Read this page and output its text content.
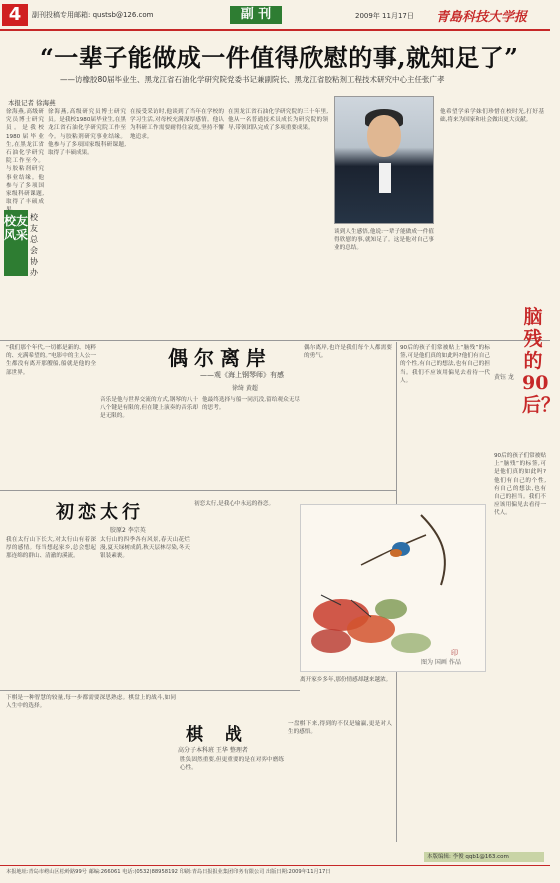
4	副刊投稿专用邮箱: qustsb@126.com	副 刊	2009年 11月17日 青島科技大学报
“一辈子能做成一件值得欣慰的事,就知足了”
——访橡胶80届毕业生、黑龙江省石油化学研究院党委书记兼副院长、黑龙江省胶粘剂工程技术研究中心主任张广孝
本报记者 徐海燕
徐海燕,高级研究员博士研究员。是我校1980届毕业生,在黑龙江省石油化学研究院工作至今。与胶粘剂研究事业结缘。他参与了多项国家级科研课题,取得了丰硕成果。
在接受采访时,他谈到了当年在学校的学习生活,对母校充满深厚感情。他认为科研工作需要耐得住寂寞,坚持不懈地追求。
在黑龙江省石油化学研究院的三十年里,他从一名普通技术员成长为研究院的领导,带领团队完成了多项重要成果。
谈到人生感悟,他说:一辈子能做成一件值得欣慰的事,就知足了。这是他对自己事业的总结。
他希望学弟学妹们珍惜在校时光,打好基础,将来为国家和社会做出更大贡献。
徐海燕,高级研究员博士研究员。是我校1980届毕业生,在黑龙江省石油化学研究院工作至今。与胶粘剂研究事业结缘。他参与了多项国家级科研课题,取得了丰硕成
校友风采
校友总会协办
“我们那个年代,一切都是新的、纯粹的、充满希望的。”电影中的主人公一生都没有离开那艘船,船就是他的全部世界。
偶尔离岸
——观《海上钢琴师》有感
徐绮 黄超
音乐是他与世界交流的方式,钢琴的八十八个键是有限的,但在键上演奏的音乐却是无限的。
他最终选择与船一同沉没,留给观众无尽的思考。
偶尔离岸,也许是我们每个人都需要的勇气。
脑残的90后？
黄钰 龙
90后的孩子们常被贴上“脑残”的标签,可是他们真的如此吗?他们有自己的个性,有自己的想法,也有自己的担当。我们不应该用偏见去看待一代人。
90后的孩子们常被贴上“脑残”的标签,可是他们真的如此吗?他们有自己的个性,有自己的想法,也有自己的担当。我们不应该用偏见去看待一代人。
初恋太行
胶原2 李宗英
我在太行山下长大,对太行山有着深厚的感情。每当想起家乡,总会想起那连绵的群山、清澈的溪流。
太行山的四季各有风景,春天山花烂漫,夏天绿树成荫,秋天层林尽染,冬天银装素裹。
初恋太行,是我心中永远的眷恋。
印
图为 国画 作品
离开家乡多年,那份情感却越来越浓。
下棋是一种智慧的较量,每一步都需要深思熟虑。棋盘上的战斗,如同人生中的选择。
棋 战
高分子本科班 王华 整理者
胜负固然重要,但更重要的是在对弈中磨练心性。
一盘棋下来,得到的不仅是输赢,更是对人生的感悟。
本版编辑: 李俊 qqb1@163.com
本报地址:青岛市崂山区松岭路99号 邮编:266061 电话:(0532)88958192 印刷:青岛日报报业集团印务有限公司 出版日期:2009年11月17日
